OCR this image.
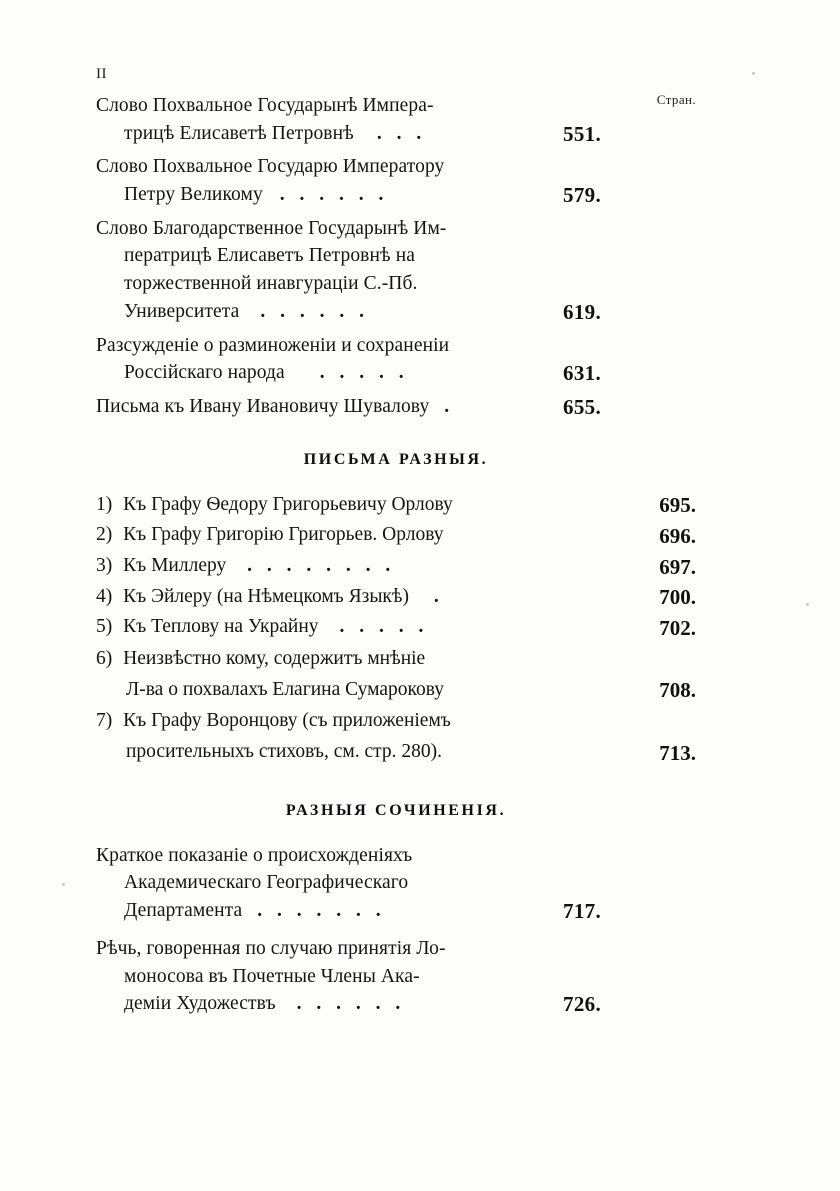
II
Стран.
Слово Похвальное Государынѣ Импера-
трицѣ Елисаветѣ Петровнѣ . . .	551.
Слово Похвальное Государю Императору
Петру Великому . . . . . .	579.
Слово Благодарственное Государынѣ Им-
ператрицѣ Елисаветъ Петровнѣ на
торжественной инавгураціи С.-Пб.
Университета . . . . . .	619.
Разсужденіе о разминоженіи и сохраненіи
Россійскаго народа . . . . .	631.
Письма къ Ивану Ивановичу Шувалову .	655.
ПИСЬМА РАЗНЫЯ.
1) Къ Графу Ѳедору Григорьевичу Орлову	695.
2) Къ Графу Григорію Григорьев. Орлову	696.
3) Къ Миллеру . . . . . . . .	697.
4) Къ Эйлеру (на Нѣмецкомъ Языкѣ) .	700.
5) Къ Теплову на Украйну . . . . .	702.
6) Неизвѣстно кому, содержитъ мнѣніе
Л-ва о похвалахъ Елагина Сумарокову	708.
7) Къ Графу Воронцову (съ приложеніемъ
просительныхъ стиховъ, см. стр. 280).	713.
РАЗНЫЯ СОЧИНЕНІЯ.
Краткое показаніе о происхожденіяхъ
Академическаго Географическаго
Департамента . . . . . . .	717.
Рѣчь, говоренная по случаю принятія Ло-
моносова въ Почетные Члены Ака-
деміи Художествъ . . . . . .	726.
